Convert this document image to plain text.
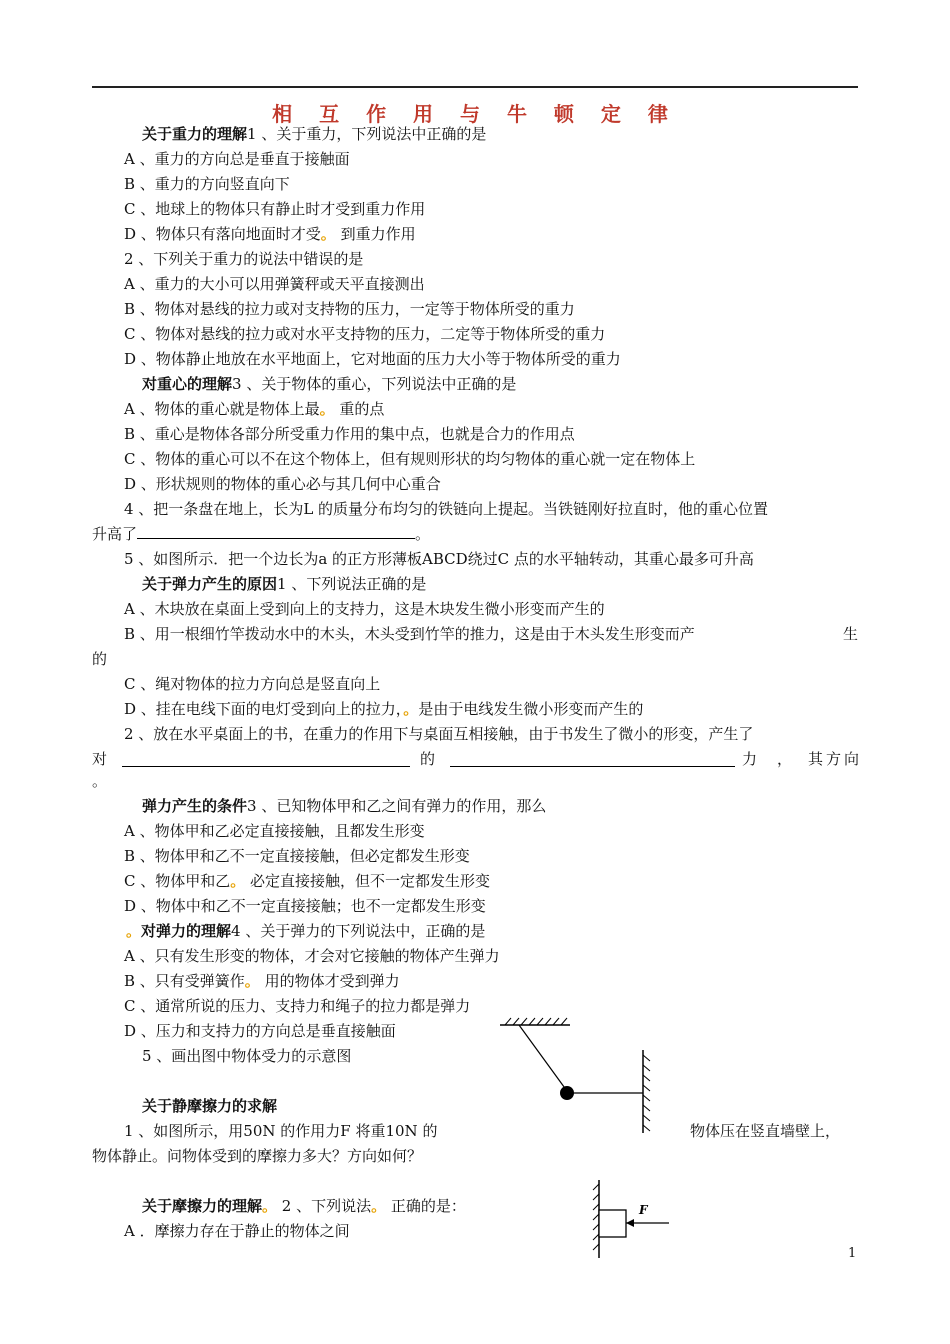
相 互 作 用 与 牛 顿 定 律
关于重力的理解1 、关于重力，下列说法中正确的是
A 、重力的方向总是垂直于接触面
B 、重力的方向竖直向下
C 、地球上的物体只有静止时才受到重力作用
D 、物体只有落向地面时才受。 到重力作用
2 、下列关于重力的说法中错误的是
A 、重力的大小可以用弹簧秤或天平直接测出
B 、物体对悬线的拉力或对支持物的压力，一定等于物体所受的重力
C 、物体对悬线的拉力或对水平支持物的压力，二定等于物体所受的重力
D 、物体静止地放在水平地面上，它对地面的压力大小等于物体所受的重力
对重心的理解3 、关于物体的重心，下列说法中正确的是
A 、物体的重心就是物体上最。 重的点
B 、重心是物体各部分所受重力作用的集中点，也就是合力的作用点
C 、物体的重心可以不在这个物体上，但有规则形状的均匀物体的重心就一定在物体上
D 、形状规则的物体的重心必与其几何中心重合
4 、把一条盘在地上，长为L 的质量分布均匀的铁链向上提起。当铁链刚好拉直时，他的重心位置
升高了	。
5 、如图所示．把一个边长为a 的正方形薄板ABCD绕过C 点的水平轴转动，其重心最多可升高
关于弹力产生的原因1 、下列说法正确的是
A 、木块放在桌面上受到向上的支持力，这是木块发生微小形变而产生的
B 、用一根细竹竿拨动水中的木头，木头受到竹竿的推力，这是由于木头发生形变而产	生
的
C 、绳对物体的拉力方向总是竖直向上
D 、挂在电线下面的电灯受到向上的拉力，。是由于电线发生微小形变而产生的
2 、放在水平桌面上的书，在重力的作用下与桌面互相接触，由于书发生了微小的形变，产生了
对	的	力 ， 其 方 向
。
弹力产生的条件3 、已知物体甲和乙之间有弹力的作用，那么
A 、物体甲和乙必定直接接触，且都发生形变
B 、物体甲和乙不一定直接接触，但必定都发生形变
C 、物体甲和乙。 必定直接接触，但不一定都发生形变
D 、物体中和乙不一定直接接触；也不一定都发生形变
。对弹力的理解4 、关于弹力的下列说法中，正确的是
A 、只有发生形变的物体，才会对它接触的物体产生弹力
B 、只有受弹簧作。 用的物体才受到弹力
C 、通常所说的压力、支持力和绳子的拉力都是弹力
D 、压力和支持力的方向总是垂直接触面
5 、画出图中物体受力的示意图
关于静摩擦力的求解
1 、如图所示，用50N 的作用力F 将重10N 的	物体压在竖直墙壁上，
物体静止。问物体受到的摩擦力多大？方向如何？
关于摩擦力的理解。 2 、下列说法。 正确的是：
A ．摩擦力存在于静止的物体之间
F
1
